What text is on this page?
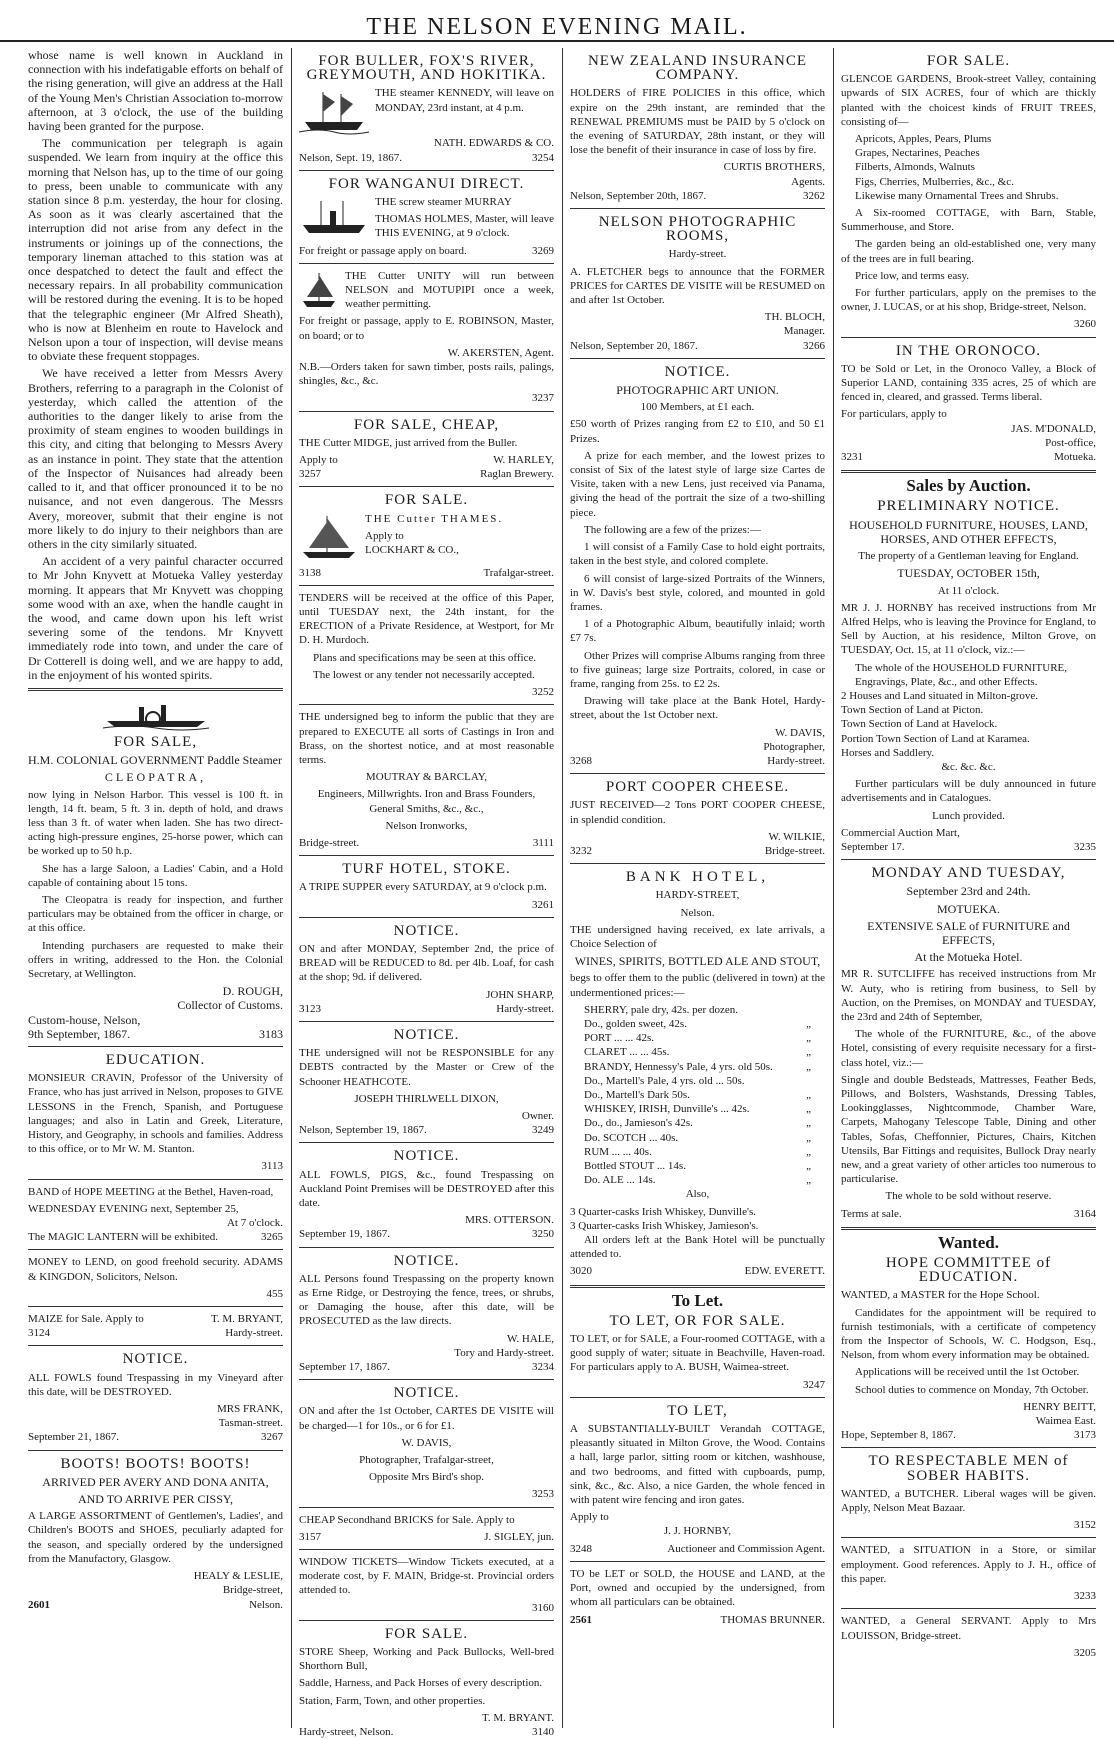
THE NELSON EVENING MAIL.

whose name is well known in Auckland in connection with his indefatigable efforts on behalf of the rising generation, will give an address at the Hall of the Young Men's Christian Association to-morrow afternoon, at 3 o'clock, the use of the building having been granted for the purpose.

The communication per telegraph is again suspended. We learn from inquiry at the office this morning that Nelson has, up to the time of our going to press, been unable to communicate with any station since 8 p.m. yesterday, the hour for closing. As soon as it was clearly ascertained that the interruption did not arise from any defect in the instruments or joinings up of the connections, the temporary lineman attached to this station was at once despatched to detect the fault and effect the necessary repairs. In all probability communication will be restored during the evening. It is to be hoped that the telegraphic engineer (Mr Alfred Sheath), who is now at Blenheim en route to Havelock and Nelson upon a tour of inspection, will devise means to obviate these frequent stoppages.

We have received a letter from Messrs Avery Brothers, referring to a paragraph in the Colonist of yesterday, which called the attention of the authorities to the danger likely to arise from the proximity of steam engines to wooden buildings in this city, and citing that belonging to Messrs Avery as an instance in point. They state that the attention of the Inspector of Nuisances had already been called to it, and that officer pronounced it to be no nuisance, and not even dangerous. The Messrs Avery, moreover, submit that their engine is not more likely to do injury to their neighbors than are others in the city similarly situated.

An accident of a very painful character occurred to Mr John Knyvett at Motueka Valley yesterday morning. It appears that Mr Knyvett was chopping some wood with an axe, when the handle caught in the wood, and came down upon his left wrist severing some of the tendons. Mr Knyvett immediately rode into town, and under the care of Dr Cotterell is doing well, and we are happy to add, in the enjoyment of his wonted spirits.

FOR SALE,

H.M. COLONIAL GOVERNMENT Paddle Steamer

CLEOPATRA,

now lying in Nelson Harbor. This vessel is 100 ft. in length, 14 ft. beam, 5 ft. 3 in. depth of hold, and draws less than 3 ft. of water when laden. She has two direct-acting high-pressure engines, 25-horse power, which can be worked up to 50 h.p.

She has a large Saloon, a Ladies' Cabin, and a Hold capable of containing about 15 tons.

The Cleopatra is ready for inspection, and further particulars may be obtained from the officer in charge, or at this office.

Intending purchasers are requested to make their offers in writing, addressed to the Hon. the Colonial Secretary, at Wellington.

D. ROUGH,
Collector of Customs.
Custom-house, Nelson,
9th September, 1867.	3183
EDUCATION.

MONSIEUR CRAVIN, Professor of the University of France, who has just arrived in Nelson, proposes to GIVE LESSONS in the French, Spanish, and Portuguese languages; and also in Latin and Greek, Literature, History, and Geography, in schools and families. Address to this office, or to Mr W. M. Stanton.

3113

BAND of HOPE MEETING at the Bethel, Haven-road,

WEDNESDAY EVENING next, September 25,
At 7 o'clock.
The MAGIC LANTERN will be exhibited.	3265

MONEY to LEND, on good freehold security. ADAMS & KINGDON, Solicitors, Nelson.

455
MAIZE for Sale. Apply to	T. M. BRYANT,
3124	Hardy-street.
NOTICE.

ALL FOWLS found Trespassing in my Vineyard after this date, will be DESTROYED.

MRS FRANK,
Tasman-street.
September 21, 1867.	3267
BOOTS! BOOTS! BOOTS!
ARRIVED PER AVERY AND DONA ANITA,
AND TO ARRIVE PER CISSY,

A LARGE ASSORTMENT of Gentlemen's, Ladies', and Children's BOOTS and SHOES, peculiarly adapted for the season, and specially ordered by the undersigned from the Manufactory, Glasgow.

HEALY & LESLIE,
Bridge-street,
2601	Nelson.
FOR BULLER, FOX'S RIVER, GREYMOUTH, AND HOKITIKA.

THE steamer KENNEDY, will leave on MONDAY, 23rd instant, at 4 p.m.

NATH. EDWARDS & CO.
Nelson, Sept. 19, 1867.	3254
FOR WANGANUI DIRECT.

THE screw steamer MURRAY

THOMAS HOLMES, Master, will leave THIS EVENING, at 9 o'clock.

For freight or passage apply on board.	3269

THE Cutter UNITY will run between NELSON and MOTUPIPI once a week, weather permitting.

For freight or passage, apply to E. ROBINSON, Master, on board; or to

W. AKERSTEN, Agent.

N.B.—Orders taken for sawn timber, posts rails, palings, shingles, &c., &c.

3237
FOR SALE, CHEAP,

THE Cutter MIDGE, just arrived from the Buller.

Apply to	W. HARLEY,
3257	Raglan Brewery.
FOR SALE.

THE Cutter THAMES.

Apply to
LOCKHART & CO.,
3138	Trafalgar-street.

TENDERS will be received at the office of this Paper, until TUESDAY next, the 24th instant, for the ERECTION of a Private Residence, at Westport, for Mr D. H. Murdoch.

Plans and specifications may be seen at this office.

The lowest or any tender not necessarily accepted.

3252

THE undersigned beg to inform the public that they are prepared to EXECUTE all sorts of Castings in Iron and Brass, on the shortest notice, and at most reasonable terms.

MOUTRAY & BARCLAY,
Engineers, Millwrights. Iron and Brass Founders, General Smiths, &c., &c.,
Nelson Ironworks,
Bridge-street.	3111
TURF HOTEL, STOKE.

A TRIPE SUPPER every SATURDAY, at 9 o'clock p.m.

3261
NOTICE.

ON and after MONDAY, September 2nd, the price of BREAD will be REDUCED to 8d. per 4lb. Loaf, for cash at the shop; 9d. if delivered.

JOHN SHARP,
3123	Hardy-street.
NOTICE.

THE undersigned will not be RESPONSIBLE for any DEBTS contracted by the Master or Crew of the Schooner HEATHCOTE.

JOSEPH THIRLWELL DIXON,
Owner.
Nelson, September 19, 1867.	3249
NOTICE.

ALL FOWLS, PIGS, &c., found Trespassing on Auckland Point Premises will be DESTROYED after this date.

MRS. OTTERSON.
September 19, 1867.	3250
NOTICE.

ALL Persons found Trespassing on the property known as Erne Ridge, or Destroying the fence, trees, or shrubs, or Damaging the house, after this date, will be PROSECUTED as the law directs.

W. HALE,
Tory and Hardy-street.
September 17, 1867.	3234
NOTICE.

ON and after the 1st October, CARTES DE VISITE will be charged—1 for 10s., or 6 for £1.

W. DAVIS,
Photographer, Trafalgar-street,
Opposite Mrs Bird's shop.
3253

CHEAP Secondhand BRICKS for Sale. Apply to

3157	J. SIGLEY, jun.

WINDOW TICKETS—Window Tickets executed, at a moderate cost, by F. MAIN, Bridge-st. Provincial orders attended to.

3160
FOR SALE.

STORE Sheep, Working and Pack Bullocks, Well-bred Shorthorn Bull,

Saddle, Harness, and Pack Horses of every description.

Station, Farm, Town, and other properties.

T. M. BRYANT.
Hardy-street, Nelson.	3140
NEW ZEALAND INSURANCE COMPANY.

HOLDERS of FIRE POLICIES in this office, which expire on the 29th instant, are reminded that the RENEWAL PREMIUMS must be PAID by 5 o'clock on the evening of SATURDAY, 28th instant, or they will lose the benefit of their insurance in case of loss by fire.

CURTIS BROTHERS,
Agents.
Nelson, September 20th, 1867.	3262
NELSON PHOTOGRAPHIC ROOMS,
Hardy-street.

A. FLETCHER begs to announce that the FORMER PRICES for CARTES DE VISITE will be RESUMED on and after 1st October.

TH. BLOCH,
Manager.
Nelson, September 20, 1867.	3266
NOTICE.
PHOTOGRAPHIC ART UNION.
100 Members, at £1 each.

£50 worth of Prizes ranging from £2 to £10, and 50 £1 Prizes.

A prize for each member, and the lowest prizes to consist of Six of the latest style of large size Cartes de Visite, taken with a new Lens, just received via Panama, giving the head of the portrait the size of a two-shilling piece.

The following are a few of the prizes:—

1 will consist of a Family Case to hold eight portraits, taken in the best style, and colored complete.

6 will consist of large-sized Portraits of the Winners, in W. Davis's best style, colored, and mounted in gold frames.

1 of a Photographic Album, beautifully inlaid; worth £7 7s.

Other Prizes will comprise Albums ranging from three to five guineas; large size Portraits, colored, in case or frame, ranging from 25s. to £2 2s.

Drawing will take place at the Bank Hotel, Hardy-street, about the 1st October next.

W. DAVIS,
Photographer,
3268	Hardy-street.
PORT COOPER CHEESE.

JUST RECEIVED—2 Tons PORT COOPER CHEESE, in splendid condition.

W. WILKIE,
3232	Bridge-street.
BANK HOTEL,
HARDY-STREET,
Nelson.

THE undersigned having received, ex late arrivals, a Choice Selection of

WINES, SPIRITS, BOTTLED ALE AND STOUT,

begs to offer them to the public (delivered in town) at the undermentioned prices:—

SHERRY, pale dry, 42s. per dozen.
Do., golden sweet, 42s.	„
PORT ... ... 42s.	„
CLARET ... ... 45s.	„
BRANDY, Hennessy's Pale, 4 yrs. old 50s.	„
Do., Martell's Pale, 4 yrs. old ... 50s.
Do., Martell's Dark 50s.	„
WHISKEY, IRISH, Dunville's ... 42s.	„
Do., do., Jamieson's 42s.	„
Do. SCOTCH ... 40s.	„
RUM ... ... 40s.	„
Bottled STOUT ... 14s.	„
Do. ALE ... 14s.	„
Also,
3 Quarter-casks Irish Whiskey, Dunville's.
3 Quarter-casks Irish Whiskey, Jamieson's.

All orders left at the Bank Hotel will be punctually attended to.

3020	EDW. EVERETT.
To Let.
TO LET, OR FOR SALE.

TO LET, or for SALE, a Four-roomed COTTAGE, with a good supply of water; situate in Beachville, Haven-road. For particulars apply to A. BUSH, Waimea-street.

3247
TO LET,

A SUBSTANTIALLY-BUILT Verandah COTTAGE, pleasantly situated in Milton Grove, the Wood. Contains a hall, large parlor, sitting room or kitchen, washhouse, and two bedrooms, and fitted with cupboards, pump, sink, &c., &c. Also, a nice Garden, the whole fenced in with patent wire fencing and iron gates.

Apply to
J. J. HORNBY,
3248	Auctioneer and Commission Agent.

TO be LET or SOLD, the HOUSE and LAND, at the Port, owned and occupied by the undersigned, from whom all particulars can be obtained.

2561	THOMAS BRUNNER.
FOR SALE.

GLENCOE GARDENS, Brook-street Valley, containing upwards of SIX ACRES, four of which are thickly planted with the choicest kinds of FRUIT TREES, consisting of—

Apricots, Apples, Pears, Plums
Grapes, Nectarines, Peaches
Filberts, Almonds, Walnuts
Figs, Cherries, Mulberries, &c., &c.

Likewise many Ornamental Trees and Shrubs.

A Six-roomed COTTAGE, with Barn, Stable, Summerhouse, and Store.

The garden being an old-established one, very many of the trees are in full bearing.

Price low, and terms easy.

For further particulars, apply on the premises to the owner, J. LUCAS, or at his shop, Bridge-street, Nelson.

3260
IN THE ORONOCO.

TO be Sold or Let, in the Oronoco Valley, a Block of Superior LAND, containing 335 acres, 25 of which are fenced in, cleared, and grassed. Terms liberal.

For particulars, apply to
JAS. M'DONALD,
Post-office,
3231	Motueka.
Sales by Auction.
PRELIMINARY NOTICE.
HOUSEHOLD FURNITURE, HOUSES, LAND, HORSES, AND OTHER EFFECTS,
The property of a Gentleman leaving for England.
TUESDAY, OCTOBER 15th,
At 11 o'clock.

MR J. J. HORNBY has received instructions from Mr Alfred Helps, who is leaving the Province for England, to Sell by Auction, at his residence, Milton Grove, on TUESDAY, Oct. 15, at 11 o'clock, viz.:—

The whole of the HOUSEHOLD FURNITURE, Engravings, Plate, &c., and other Effects.
2 Houses and Land situated in Milton-grove.
Town Section of Land at Picton.
Town Section of Land at Havelock.
Portion Town Section of Land at Karamea.
Horses and Saddlery.
&c. &c. &c.

Further particulars will be duly announced in future advertisements and in Catalogues.

Lunch provided.
Commercial Auction Mart,
September 17.	3235
MONDAY AND TUESDAY,
September 23rd and 24th.
MOTUEKA.
EXTENSIVE SALE of FURNITURE and EFFECTS,
At the Motueka Hotel.

MR R. SUTCLIFFE has received instructions from Mr W. Auty, who is retiring from business, to Sell by Auction, on the Premises, on MONDAY and TUESDAY, the 23rd and 24th of September,

The whole of the FURNITURE, &c., of the above Hotel, consisting of every requisite necessary for a first-class hotel, viz.:—

Single and double Bedsteads, Mattresses, Feather Beds, Pillows, and Bolsters, Washstands, Dressing Tables, Lookingglasses, Nightcommode, Chamber Ware, Carpets, Mahogany Telescope Table, Dining and other Tables, Sofas, Cheffonnier, Pictures, Chairs, Kitchen Utensils, Bar Fittings and requisites, Bullock Dray nearly new, and a great variety of other articles too numerous to particularise.

The whole to be sold without reserve.
Terms at sale.	3164
Wanted.
HOPE COMMITTEE of EDUCATION.

WANTED, a MASTER for the Hope School.

Candidates for the appointment will be required to furnish testimonials, with a certificate of competency from the Inspector of Schools, W. C. Hodgson, Esq., Nelson, from whom every information may be obtained.

Applications will be received until the 1st October.

School duties to commence on Monday, 7th October.

HENRY BEITT,
Waimea East.
Hope, September 8, 1867.	3173
TO RESPECTABLE MEN of SOBER HABITS.

WANTED, a BUTCHER. Liberal wages will be given. Apply, Nelson Meat Bazaar.

3152

WANTED, a SITUATION in a Store, or similar employment. Good references. Apply to J. H., office of this paper.

3233

WANTED, a General SERVANT. Apply to Mrs LOUISSON, Bridge-street.

3205
